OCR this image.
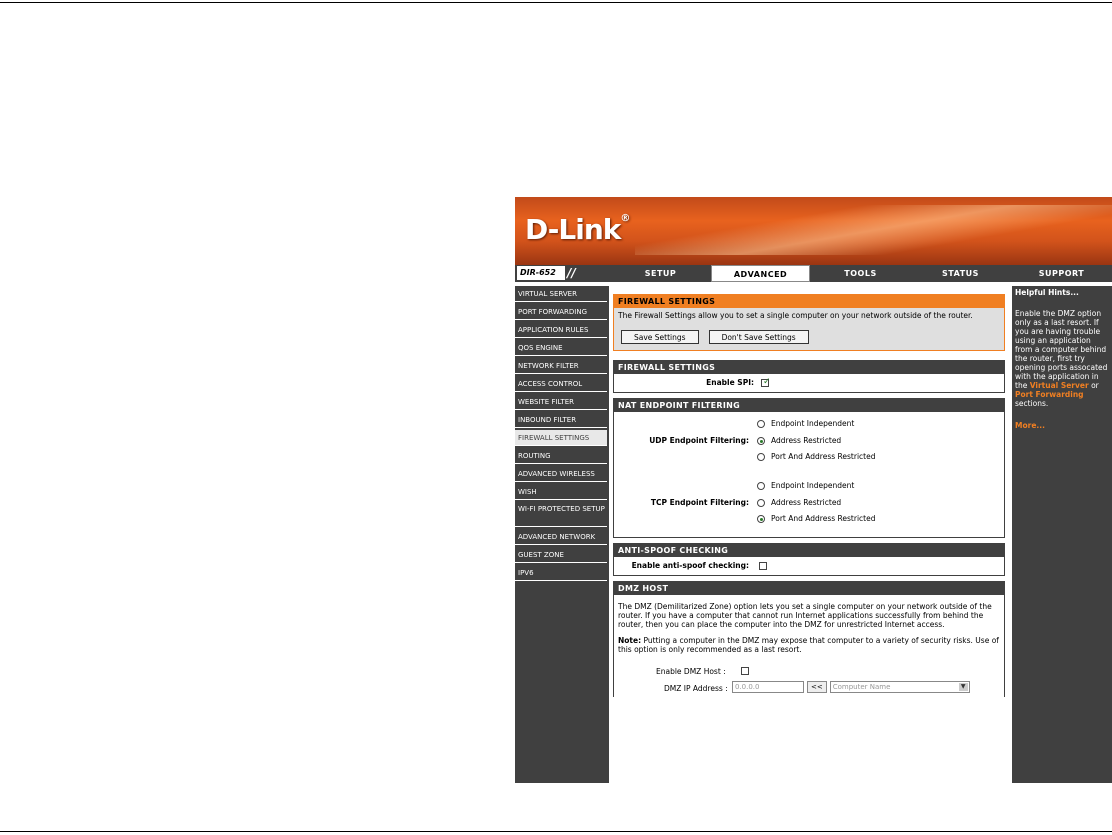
D-Link®
DIR-652 //	SETUP	ADVANCED	TOOLS	STATUS	SUPPORT
VIRTUAL SERVER
PORT FORWARDING
APPLICATION RULES
QOS ENGINE
NETWORK FILTER
ACCESS CONTROL
WEBSITE FILTER
INBOUND FILTER
FIREWALL SETTINGS
ROUTING
ADVANCED WIRELESS
WISH
WI-FI PROTECTED SETUP
ADVANCED NETWORK
GUEST ZONE
IPV6
FIREWALL SETTINGS
The Firewall Settings allow you to set a single computer on your network outside of the router.
Save Settings	Don't Save Settings
FIREWALL SETTINGS
Enable SPI: ✓
NAT ENDPOINT FILTERING
UDP Endpoint Filtering:
Endpoint Independent
Address Restricted
Port And Address Restricted
TCP Endpoint Filtering:
Endpoint Independent
Address Restricted
Port And Address Restricted
ANTI-SPOOF CHECKING
Enable anti-spoof checking:
DMZ HOST
The DMZ (Demilitarized Zone) option lets you set a single computer on your network outside of the router. If you have a computer that cannot run Internet applications successfully from behind the router, then you can place the computer into the DMZ for unrestricted Internet access.
Note: Putting a computer in the DMZ may expose that computer to a variety of security risks. Use of this option is only recommended as a last resort.
Enable DMZ Host :
DMZ IP Address :	0.0.0.0	<< Computer Name	▼
Helpful Hints...
Enable the DMZ option only as a last resort. If you are having trouble using an application from a computer behind the router, first try opening ports assocated with the application in the Virtual Server or Port Forwarding sections.
More...
